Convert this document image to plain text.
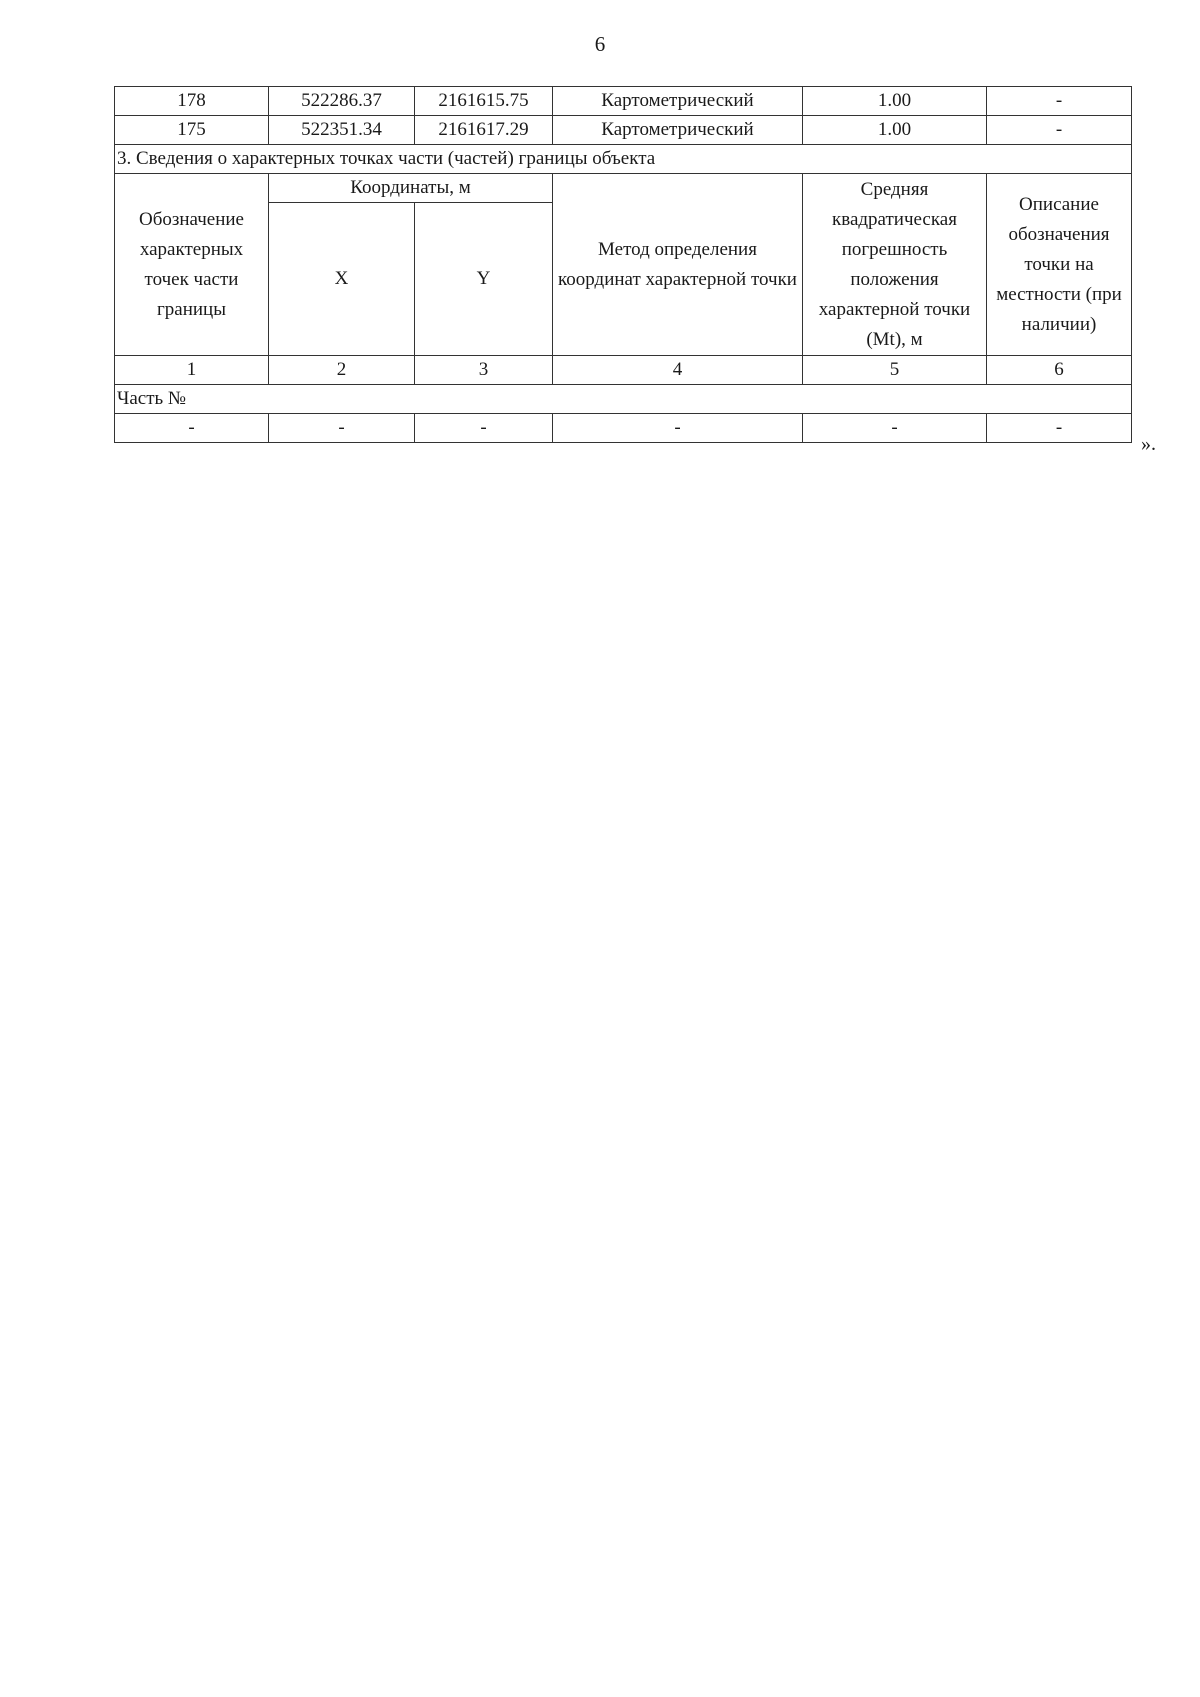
6
178	522286.37	2161615.75	Картометрический	1.00	-
175	522351.34	2161617.29	Картометрический	1.00	-
3. Сведения о характерных точках части (частей) границы объекта					
Обозначение характерных точек части границы	Координаты, м		Метод определения координат характерной точки	Средняя квадратическая погрешность положения характерной точки (Mt), м	Описание обозначения точки на местности (при наличии)
	X	Y			
1	2	3	4	5	6
Часть №					
-	-	-	-	-	-
».
